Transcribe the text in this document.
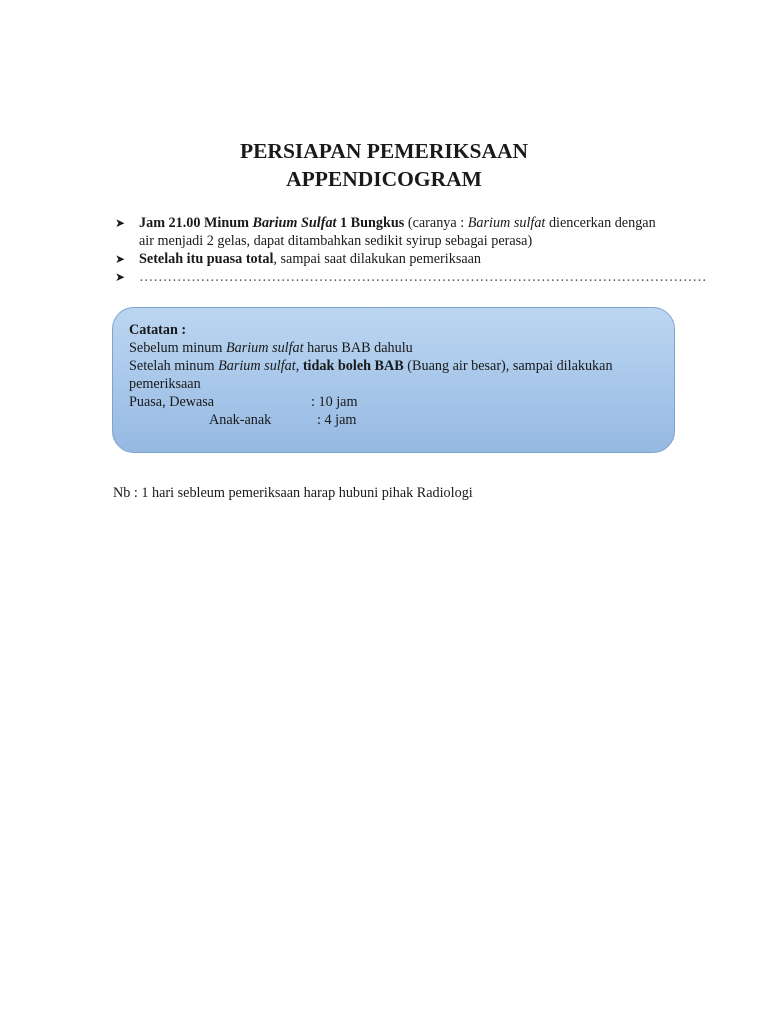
PERSIAPAN PEMERIKSAAN
APPENDICOGRAM
➤ Jam 21.00 Minum Barium Sulfat 1 Bungkus (caranya : Barium sulfat diencerkan dengan air menjadi 2 gelas, dapat ditambahkan sedikit syirup sebagai perasa)
➤ Setelah itu puasa total, sampai saat dilakukan pemeriksaan
➤ …………………………………………………………………………………………………………

Catatan :

Sebelum minum Barium sulfat harus BAB dahulu

Setelah minum Barium sulfat, tidak boleh BAB (Buang air besar), sampai dilakukan pemeriksaan

Puasa, Dewasa	: 10 jam
Anak-anak	: 4 jam

Nb : 1 hari sebleum pemeriksaan harap hubuni pihak Radiologi
